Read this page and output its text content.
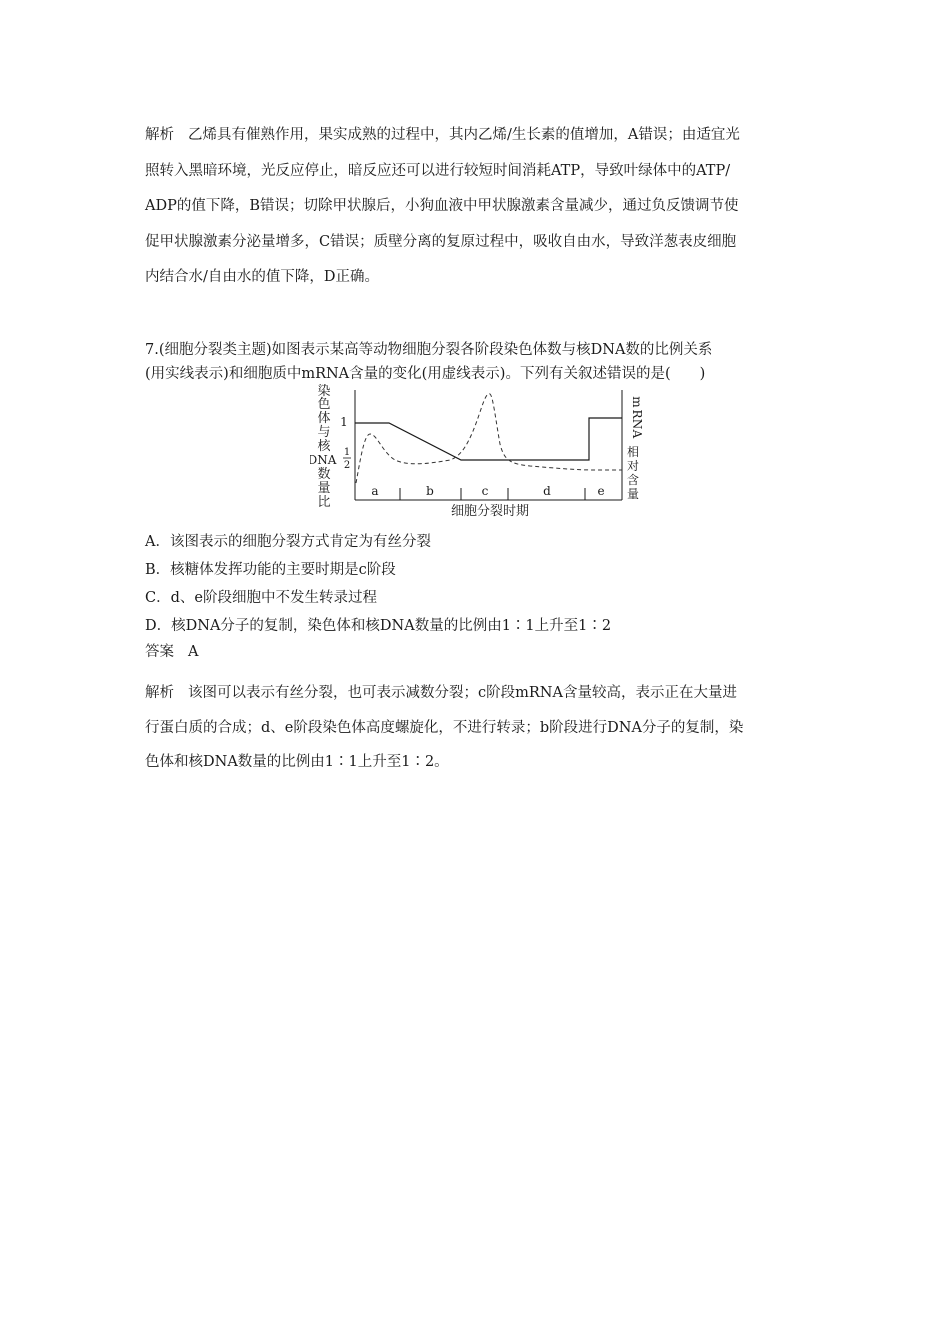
解析 乙烯具有催熟作用，果实成熟的过程中，其内乙烯/生长素的值增加，A错误；由适宜光
照转入黑暗环境，光反应停止，暗反应还可以进行较短时间消耗ATP，导致叶绿体中的ATP/
ADP的值下降，B错误；切除甲状腺后，小狗血液中甲状腺激素含量减少，通过负反馈调节使
促甲状腺激素分泌量增多，C错误；质壁分离的复原过程中，吸收自由水，导致洋葱表皮细胞
内结合水/自由水的值下降，D正确。
7.(细胞分裂类主题)如图表示某高等动物细胞分裂各阶段染色体数与核DNA数的比例关系
(用实线表示)和细胞质中mRNA含量的变化(用虚线表示)。下列有关叙述错误的是(　　)
染
色
体
与
核
DNA
数
量
比
1
1
2
a	b	c	d	e
m
R
N
A
相
对
含
量
细胞分裂时期
A．该图表示的细胞分裂方式肯定为有丝分裂
B．核糖体发挥功能的主要时期是c阶段
C．d、e阶段细胞中不发生转录过程
D．核DNA分子的复制，染色体和核DNA数量的比例由1∶1上升至1∶2
答案 A
解析 该图可以表示有丝分裂，也可表示减数分裂；c阶段mRNA含量较高，表示正在大量进
行蛋白质的合成；d、e阶段染色体高度螺旋化，不进行转录；b阶段进行DNA分子的复制，染
色体和核DNA数量的比例由1∶1上升至1∶2。
